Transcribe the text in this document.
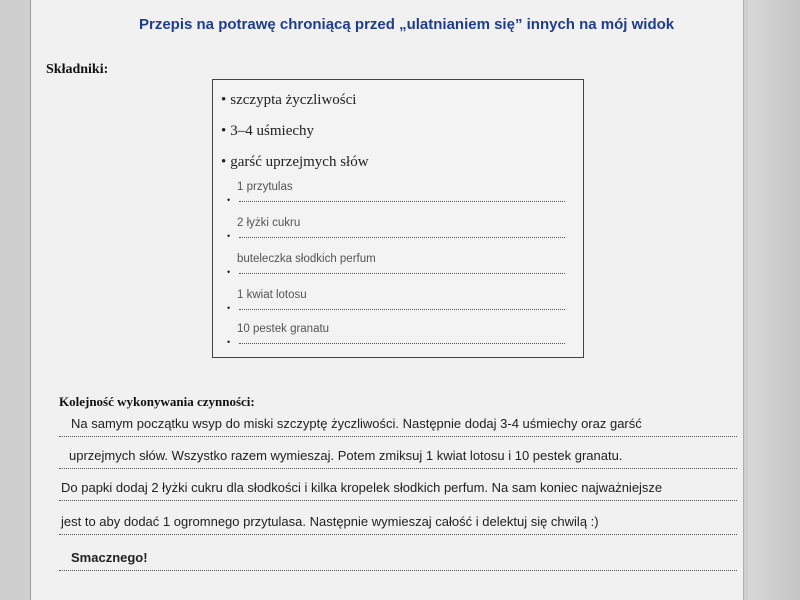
Przepis na potrawę chroniącą przed „ulatnianiem się” innych na mój widok
Składniki:
• szczypta życzliwości
• 3–4 uśmiechy
• garść uprzejmych słów
•
1 przytulas
•
2 łyżki cukru
•
buteleczka słodkich perfum
•
1 kwiat lotosu
•
10 pestek granatu
Kolejność wykonywania czynności:
Na samym początku wsyp do miski szczyptę życzliwości. Następnie dodaj 3-4 uśmiechy oraz garść
uprzejmych słów. Wszystko razem wymieszaj. Potem zmiksuj 1 kwiat lotosu i 10 pestek granatu.
Do papki dodaj 2 łyżki cukru dla słodkości i kilka kropelek słodkich perfum. Na sam koniec najważniejsze
jest to aby dodać 1 ogromnego przytulasa. Następnie wymieszaj całość i delektuj się chwilą :)
Smacznego!
